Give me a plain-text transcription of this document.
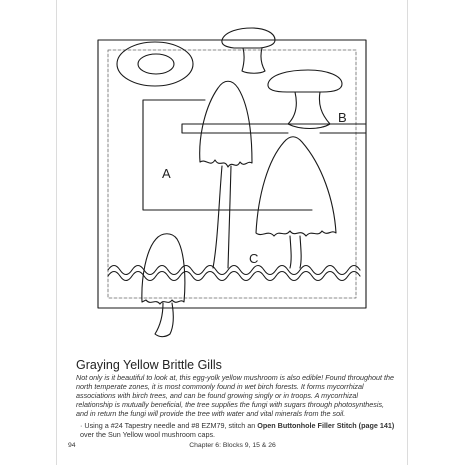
A
B
C
Graying Yellow Brittle Gills

Not only is it beautiful to look at, this egg-yolk yellow mushroom is also edible! Found throughout the north temperate zones, it is most commonly found in wet birch forests. It forms mycorrhizal associations with birch trees, and can be found growing singly or in troops. A mycorrhizal relationship is mutually beneficial, the tree supplies the fungi with sugars through photosynthesis, and in return the fungi will provide the tree with water and vital minerals from the soil.

· Using a #24 Tapestry needle and #8 EZM79, stitch an Open Buttonhole Filler Stitch (page 141) over the Sun Yellow wool mushroom caps.

94	Chapter 6: Blocks 9, 15 & 26
